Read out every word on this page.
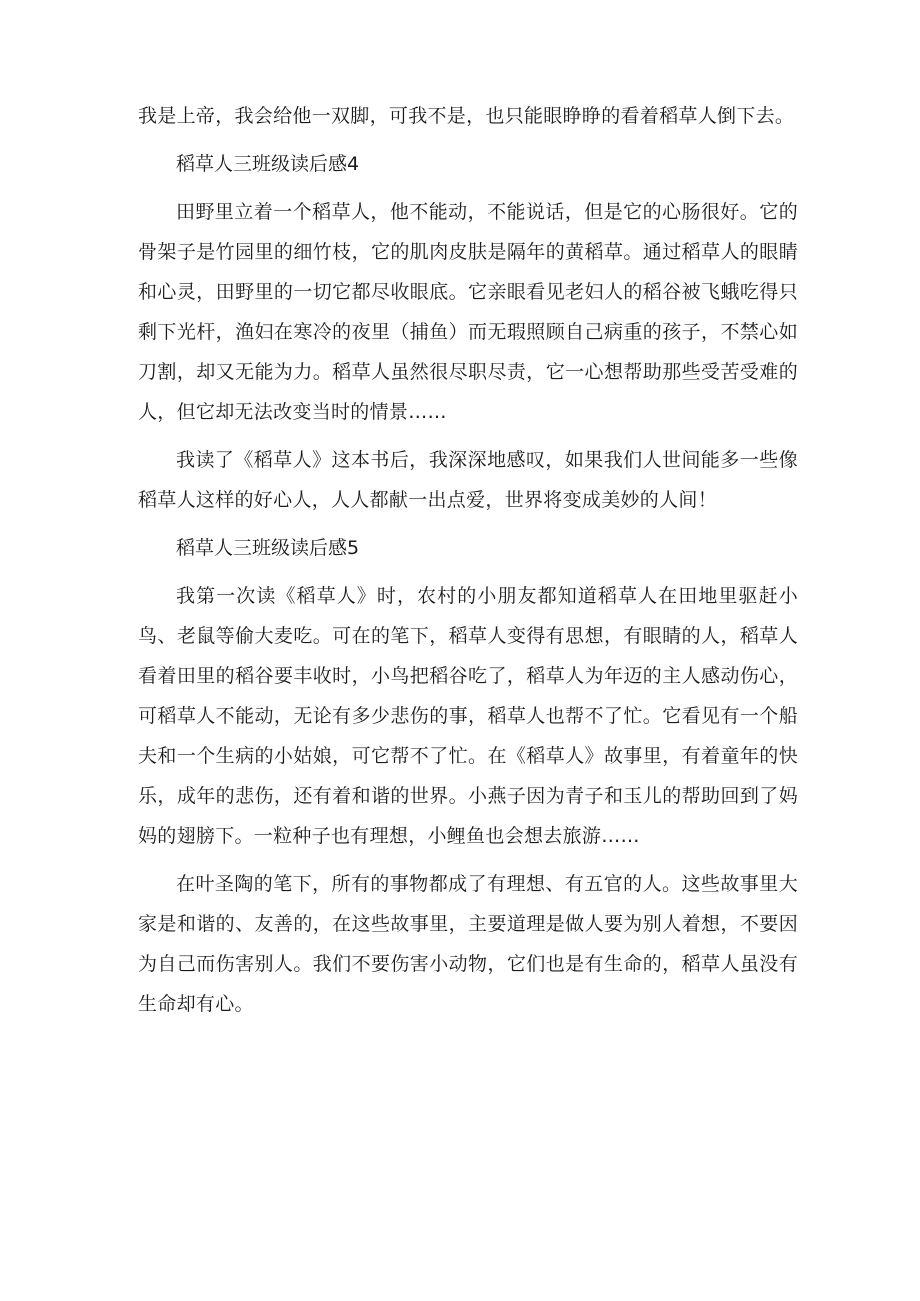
我是上帝，我会给他一双脚，可我不是，也只能眼睁睁的看着稻草人倒下去。

稻草人三班级读后感4

田野里立着一个稻草人，他不能动，不能说话，但是它的心肠很好。它的骨架子是竹园里的细竹枝，它的肌肉皮肤是隔年的黄稻草。通过稻草人的眼睛和心灵，田野里的一切它都尽收眼底。它亲眼看见老妇人的稻谷被飞蛾吃得只剩下光杆，渔妇在寒冷的夜里（捕鱼）而无瑕照顾自己病重的孩子，不禁心如刀割，却又无能为力。稻草人虽然很尽职尽责，它一心想帮助那些受苦受难的人，但它却无法改变当时的情景……

我读了《稻草人》这本书后，我深深地感叹，如果我们人世间能多一些像稻草人这样的好心人，人人都献一出点爱，世界将变成美妙的人间！

稻草人三班级读后感5

我第一次读《稻草人》时，农村的小朋友都知道稻草人在田地里驱赶小鸟、老鼠等偷大麦吃。可在的笔下，稻草人变得有思想，有眼睛的人，稻草人看着田里的稻谷要丰收时，小鸟把稻谷吃了，稻草人为年迈的主人感动伤心，可稻草人不能动，无论有多少悲伤的事，稻草人也帮不了忙。它看见有一个船夫和一个生病的小姑娘，可它帮不了忙。在《稻草人》故事里，有着童年的快乐，成年的悲伤，还有着和谐的世界。小燕子因为青子和玉儿的帮助回到了妈妈的翅膀下。一粒种子也有理想，小鲤鱼也会想去旅游……

在叶圣陶的笔下，所有的事物都成了有理想、有五官的人。这些故事里大家是和谐的、友善的，在这些故事里，主要道理是做人要为别人着想，不要因为自己而伤害别人。我们不要伤害小动物，它们也是有生命的，稻草人虽没有生命却有心。
